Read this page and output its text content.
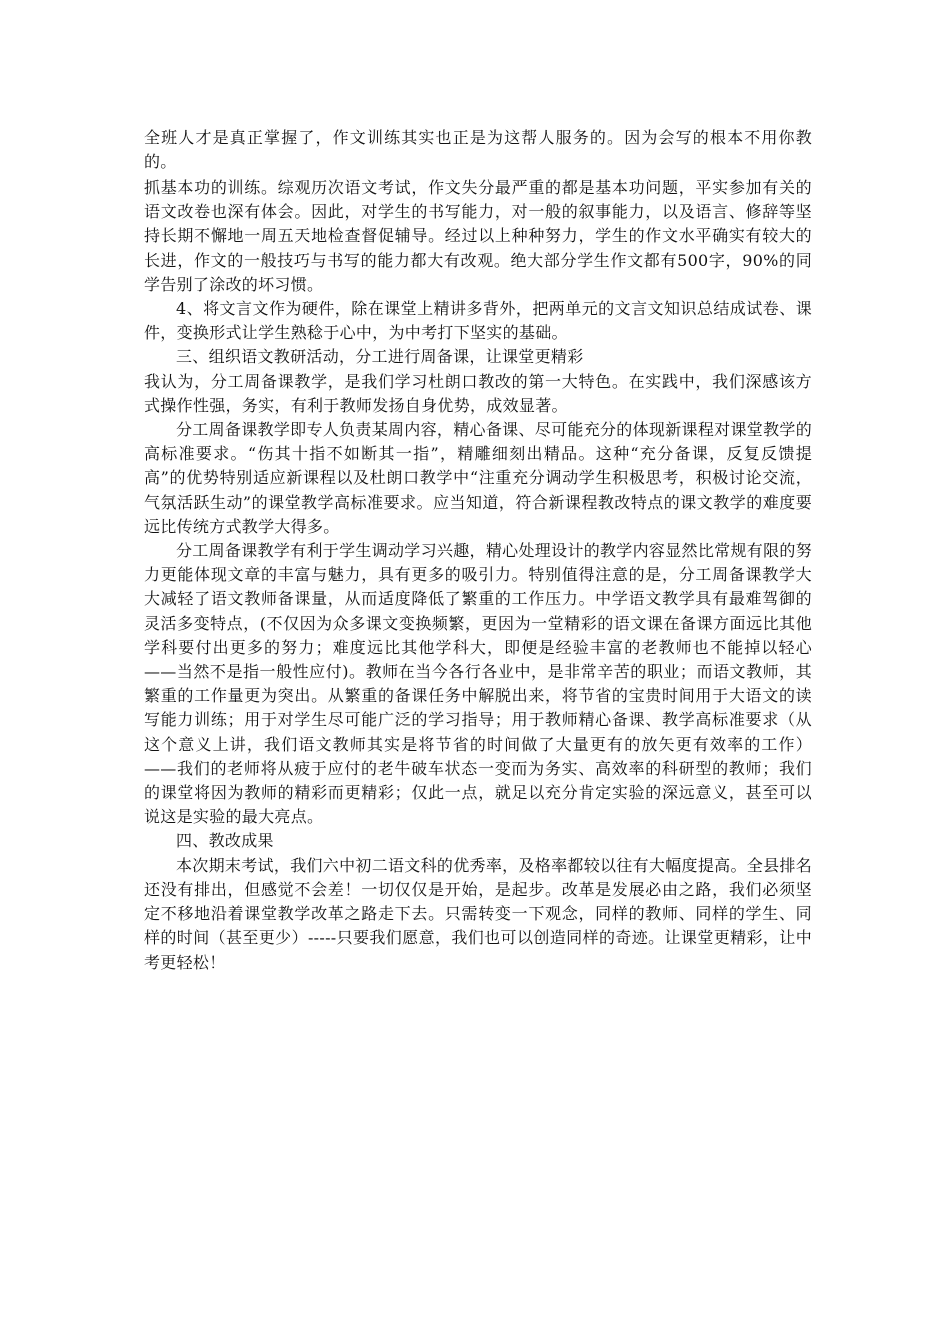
全班人才是真正掌握了，作文训练其实也正是为这帮人服务的。因为会写的根本不用你教的。

抓基本功的训练。综观历次语文考试，作文失分最严重的都是基本功问题，平实参加有关的语文改卷也深有体会。因此，对学生的书写能力，对一般的叙事能力，以及语言、修辞等坚持长期不懈地一周五天地检查督促辅导。经过以上种种努力，学生的作文水平确实有较大的长进，作文的一般技巧与书写的能力都大有改观。绝大部分学生作文都有500字，90%的同学告别了涂改的坏习惯。

4、将文言文作为硬件，除在课堂上精讲多背外，把两单元的文言文知识总结成试卷、课件，变换形式让学生熟稔于心中，为中考打下坚实的基础。

三、组织语文教研活动，分工进行周备课，让课堂更精彩

我认为，分工周备课教学，是我们学习杜朗口教改的第一大特色。在实践中，我们深感该方式操作性强，务实，有利于教师发扬自身优势，成效显著。

分工周备课教学即专人负责某周内容，精心备课、尽可能充分的体现新课程对课堂教学的高标准要求。“伤其十指不如断其一指”，精雕细刻出精品。这种“充分备课，反复反馈提高”的优势特别适应新课程以及杜朗口教学中“注重充分调动学生积极思考，积极讨论交流，气氛活跃生动”的课堂教学高标准要求。应当知道，符合新课程教改特点的课文教学的难度要远比传统方式教学大得多。

分工周备课教学有利于学生调动学习兴趣，精心处理设计的教学内容显然比常规有限的努力更能体现文章的丰富与魅力，具有更多的吸引力。特别值得注意的是，分工周备课教学大大减轻了语文教师备课量，从而适度降低了繁重的工作压力。中学语文教学具有最难驾御的灵活多变特点，(不仅因为众多课文变换频繁，更因为一堂精彩的语文课在备课方面远比其他学科要付出更多的努力；难度远比其他学科大，即便是经验丰富的老教师也不能掉以轻心——当然不是指一般性应付)。教师在当今各行各业中，是非常辛苦的职业；而语文教师，其繁重的工作量更为突出。从繁重的备课任务中解脱出来，将节省的宝贵时间用于大语文的读写能力训练；用于对学生尽可能广泛的学习指导；用于教师精心备课、教学高标准要求（从这个意义上讲，我们语文教师其实是将节省的时间做了大量更有的放矢更有效率的工作）——我们的老师将从疲于应付的老牛破车状态一变而为务实、高效率的科研型的教师；我们的课堂将因为教师的精彩而更精彩；仅此一点，就足以充分肯定实验的深远意义，甚至可以说这是实验的最大亮点。

四、教改成果

本次期末考试，我们六中初二语文科的优秀率，及格率都较以往有大幅度提高。全县排名还没有排出，但感觉不会差！一切仅仅是开始，是起步。改革是发展必由之路，我们必须坚定不移地沿着课堂教学改革之路走下去。只需转变一下观念，同样的教师、同样的学生、同样的时间（甚至更少）-----只要我们愿意，我们也可以创造同样的奇迹。让课堂更精彩，让中考更轻松！
